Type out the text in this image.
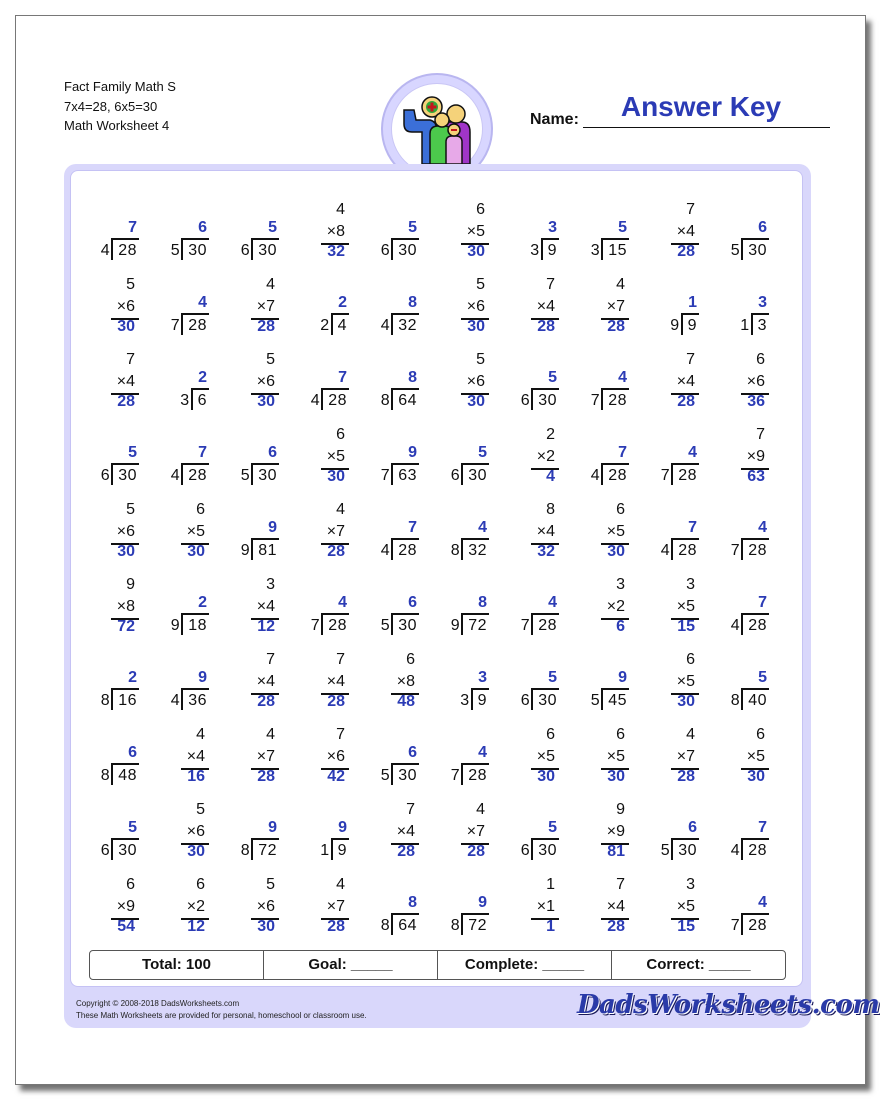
Fact Family Math S
7x4=28, 6x5=30
Math Worksheet 4	Name:	Answer Key
7
28
4
6
30
5
5
30
6
4
×8
32
5
30
6
6
×5
30
3
9
3
5
15
3
7
×4
28
6
30
5
5
×6
30
4
28
7
4
×7
28
2
4
2
8
32
4
5
×6
30
7
×4
28
4
×7
28
1
9
9
3
3
1
7
×4
28
2
6
3
5
×6
30
7
28
4
8
64
8
5
×6
30
5
30
6
4
28
7
7
×4
28
6
×6
36
5
30
6
7
28
4
6
30
5
6
×5
30
9
63
7
5
30
6
2
×2
4
7
28
4
4
28
7
7
×9
63
5
×6
30
6
×5
30
9
81
9
4
×7
28
7
28
4
4
32
8
8
×4
32
6
×5
30
7
28
4
4
28
7
9
×8
72
2
18
9
3
×4
12
4
28
7
6
30
5
8
72
9
4
28
7
3
×2
6
3
×5
15
7
28
4
2
16
8
9
36
4
7
×4
28
7
×4
28
6
×8
48
3
9
3
5
30
6
9
45
5
6
×5
30
5
40
8
6
48
8
4
×4
16
4
×7
28
7
×6
42
6
30
5
4
28
7
6
×5
30
6
×5
30
4
×7
28
6
×5
30
5
30
6
5
×6
30
9
72
8
9
9
1
7
×4
28
4
×7
28
5
30
6
9
×9
81
6
30
5
7
28
4
6
×9
54
6
×2
12
5
×6
30
4
×7
28
8
64
8
9
72
8
1
×1
1
7
×4
28
3
×5
15
4
28
7
Total: 100	Goal: _____	Complete: _____	Correct: _____
Copyright © 2008-2018 DadsWorksheets.com
These Math Worksheets are provided for personal, homeschool or classroom use.	DadsWorksheets.com
